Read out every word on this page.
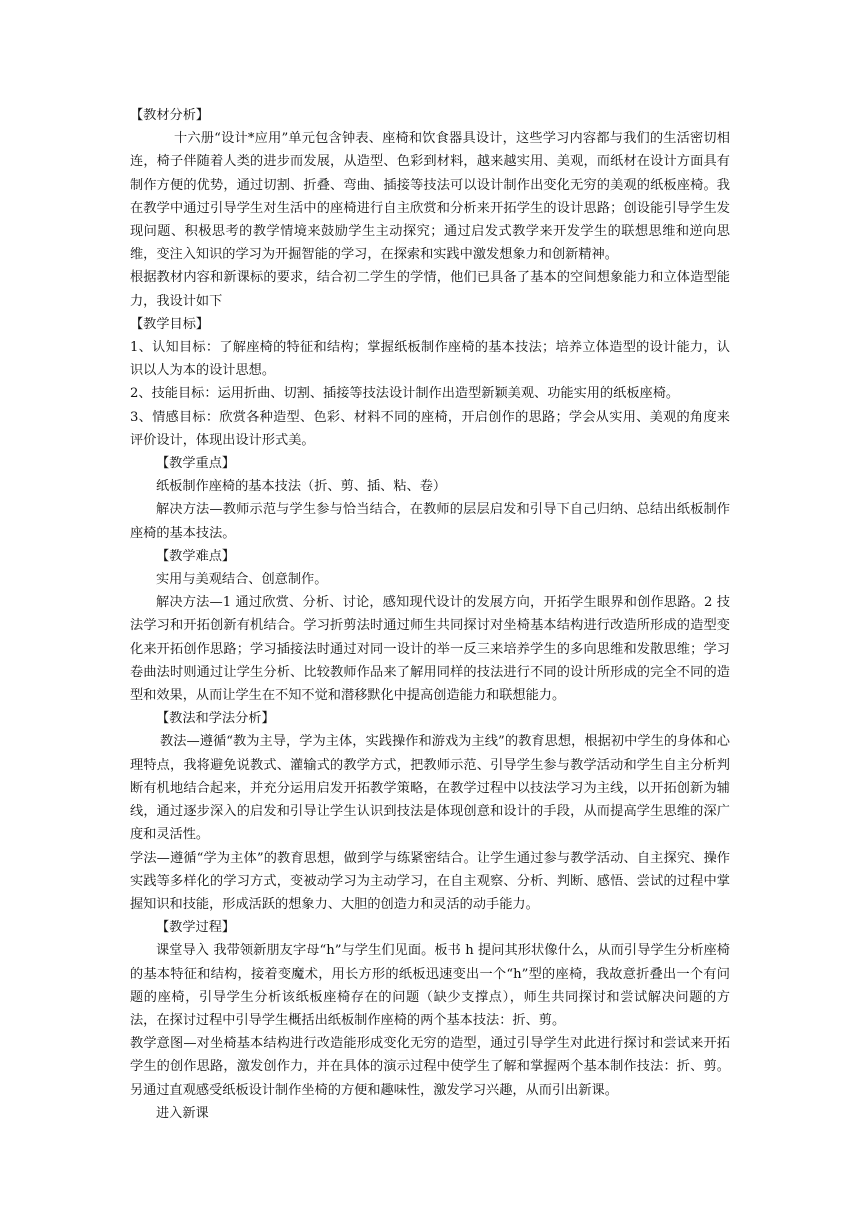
【教材分析】

十六册“设计*应用”单元包含钟表、座椅和饮食器具设计，这些学习内容都与我们的生活密切相连，椅子伴随着人类的进步而发展，从造型、色彩到材料，越来越实用、美观，而纸材在设计方面具有制作方便的优势，通过切割、折叠、弯曲、插接等技法可以设计制作出变化无穷的美观的纸板座椅。我在教学中通过引导学生对生活中的座椅进行自主欣赏和分析来开拓学生的设计思路；创设能引导学生发现问题、积极思考的教学情境来鼓励学生主动探究；通过启发式教学来开发学生的联想思维和逆向思维，变注入知识的学习为开掘智能的学习，在探索和实践中激发想象力和创新精神。

根据教材内容和新课标的要求，结合初二学生的学情，他们已具备了基本的空间想象能力和立体造型能力，我设计如下

【教学目标】

1、认知目标：了解座椅的特征和结构；掌握纸板制作座椅的基本技法；培养立体造型的设计能力，认识以人为本的设计思想。

2、技能目标：运用折曲、切割、插接等技法设计制作出造型新颖美观、功能实用的纸板座椅。

3、情感目标：欣赏各种造型、色彩、材料不同的座椅，开启创作的思路；学会从实用、美观的角度来评价设计，体现出设计形式美。

【教学重点】

纸板制作座椅的基本技法（折、剪、插、粘、卷）

解决方法—教师示范与学生参与恰当结合，在教师的层层启发和引导下自己归纳、总结出纸板制作座椅的基本技法。

【教学难点】

实用与美观结合、创意制作。

解决方法—1 通过欣赏、分析、讨论，感知现代设计的发展方向，开拓学生眼界和创作思路。2 技法学习和开拓创新有机结合。学习折剪法时通过师生共同探讨对坐椅基本结构进行改造所形成的造型变化来开拓创作思路；学习插接法时通过对同一设计的举一反三来培养学生的多向思维和发散思维；学习卷曲法时则通过让学生分析、比较教师作品来了解用同样的技法进行不同的设计所形成的完全不同的造型和效果，从而让学生在不知不觉和潜移默化中提高创造能力和联想能力。

【教法和学法分析】

教法—遵循“教为主导，学为主体，实践操作和游戏为主线”的教育思想，根据初中学生的身体和心理特点，我将避免说教式、灌输式的教学方式，把教师示范、引导学生参与教学活动和学生自主分析判断有机地结合起来，并充分运用启发开拓教学策略，在教学过程中以技法学习为主线，以开拓创新为辅线，通过逐步深入的启发和引导让学生认识到技法是体现创意和设计的手段，从而提高学生思维的深广度和灵活性。

学法—遵循“学为主体”的教育思想，做到学与练紧密结合。让学生通过参与教学活动、自主探究、操作实践等多样化的学习方式，变被动学习为主动学习，在自主观察、分析、判断、感悟、尝试的过程中掌握知识和技能，形成活跃的想象力、大胆的创造力和灵活的动手能力。

【教学过程】

课堂导入 我带领新朋友字母“h”与学生们见面。板书 h 提问其形状像什么，从而引导学生分析座椅的基本特征和结构，接着变魔术，用长方形的纸板迅速变出一个“h”型的座椅，我故意折叠出一个有问题的座椅，引导学生分析该纸板座椅存在的问题（缺少支撑点），师生共同探讨和尝试解决问题的方法，在探讨过程中引导学生概括出纸板制作座椅的两个基本技法：折、剪。

教学意图—对坐椅基本结构进行改造能形成变化无穷的造型，通过引导学生对此进行探讨和尝试来开拓学生的创作思路，激发创作力，并在具体的演示过程中使学生了解和掌握两个基本制作技法：折、剪。另通过直观感受纸板设计制作坐椅的方便和趣味性，激发学习兴趣，从而引出新课。

进入新课
